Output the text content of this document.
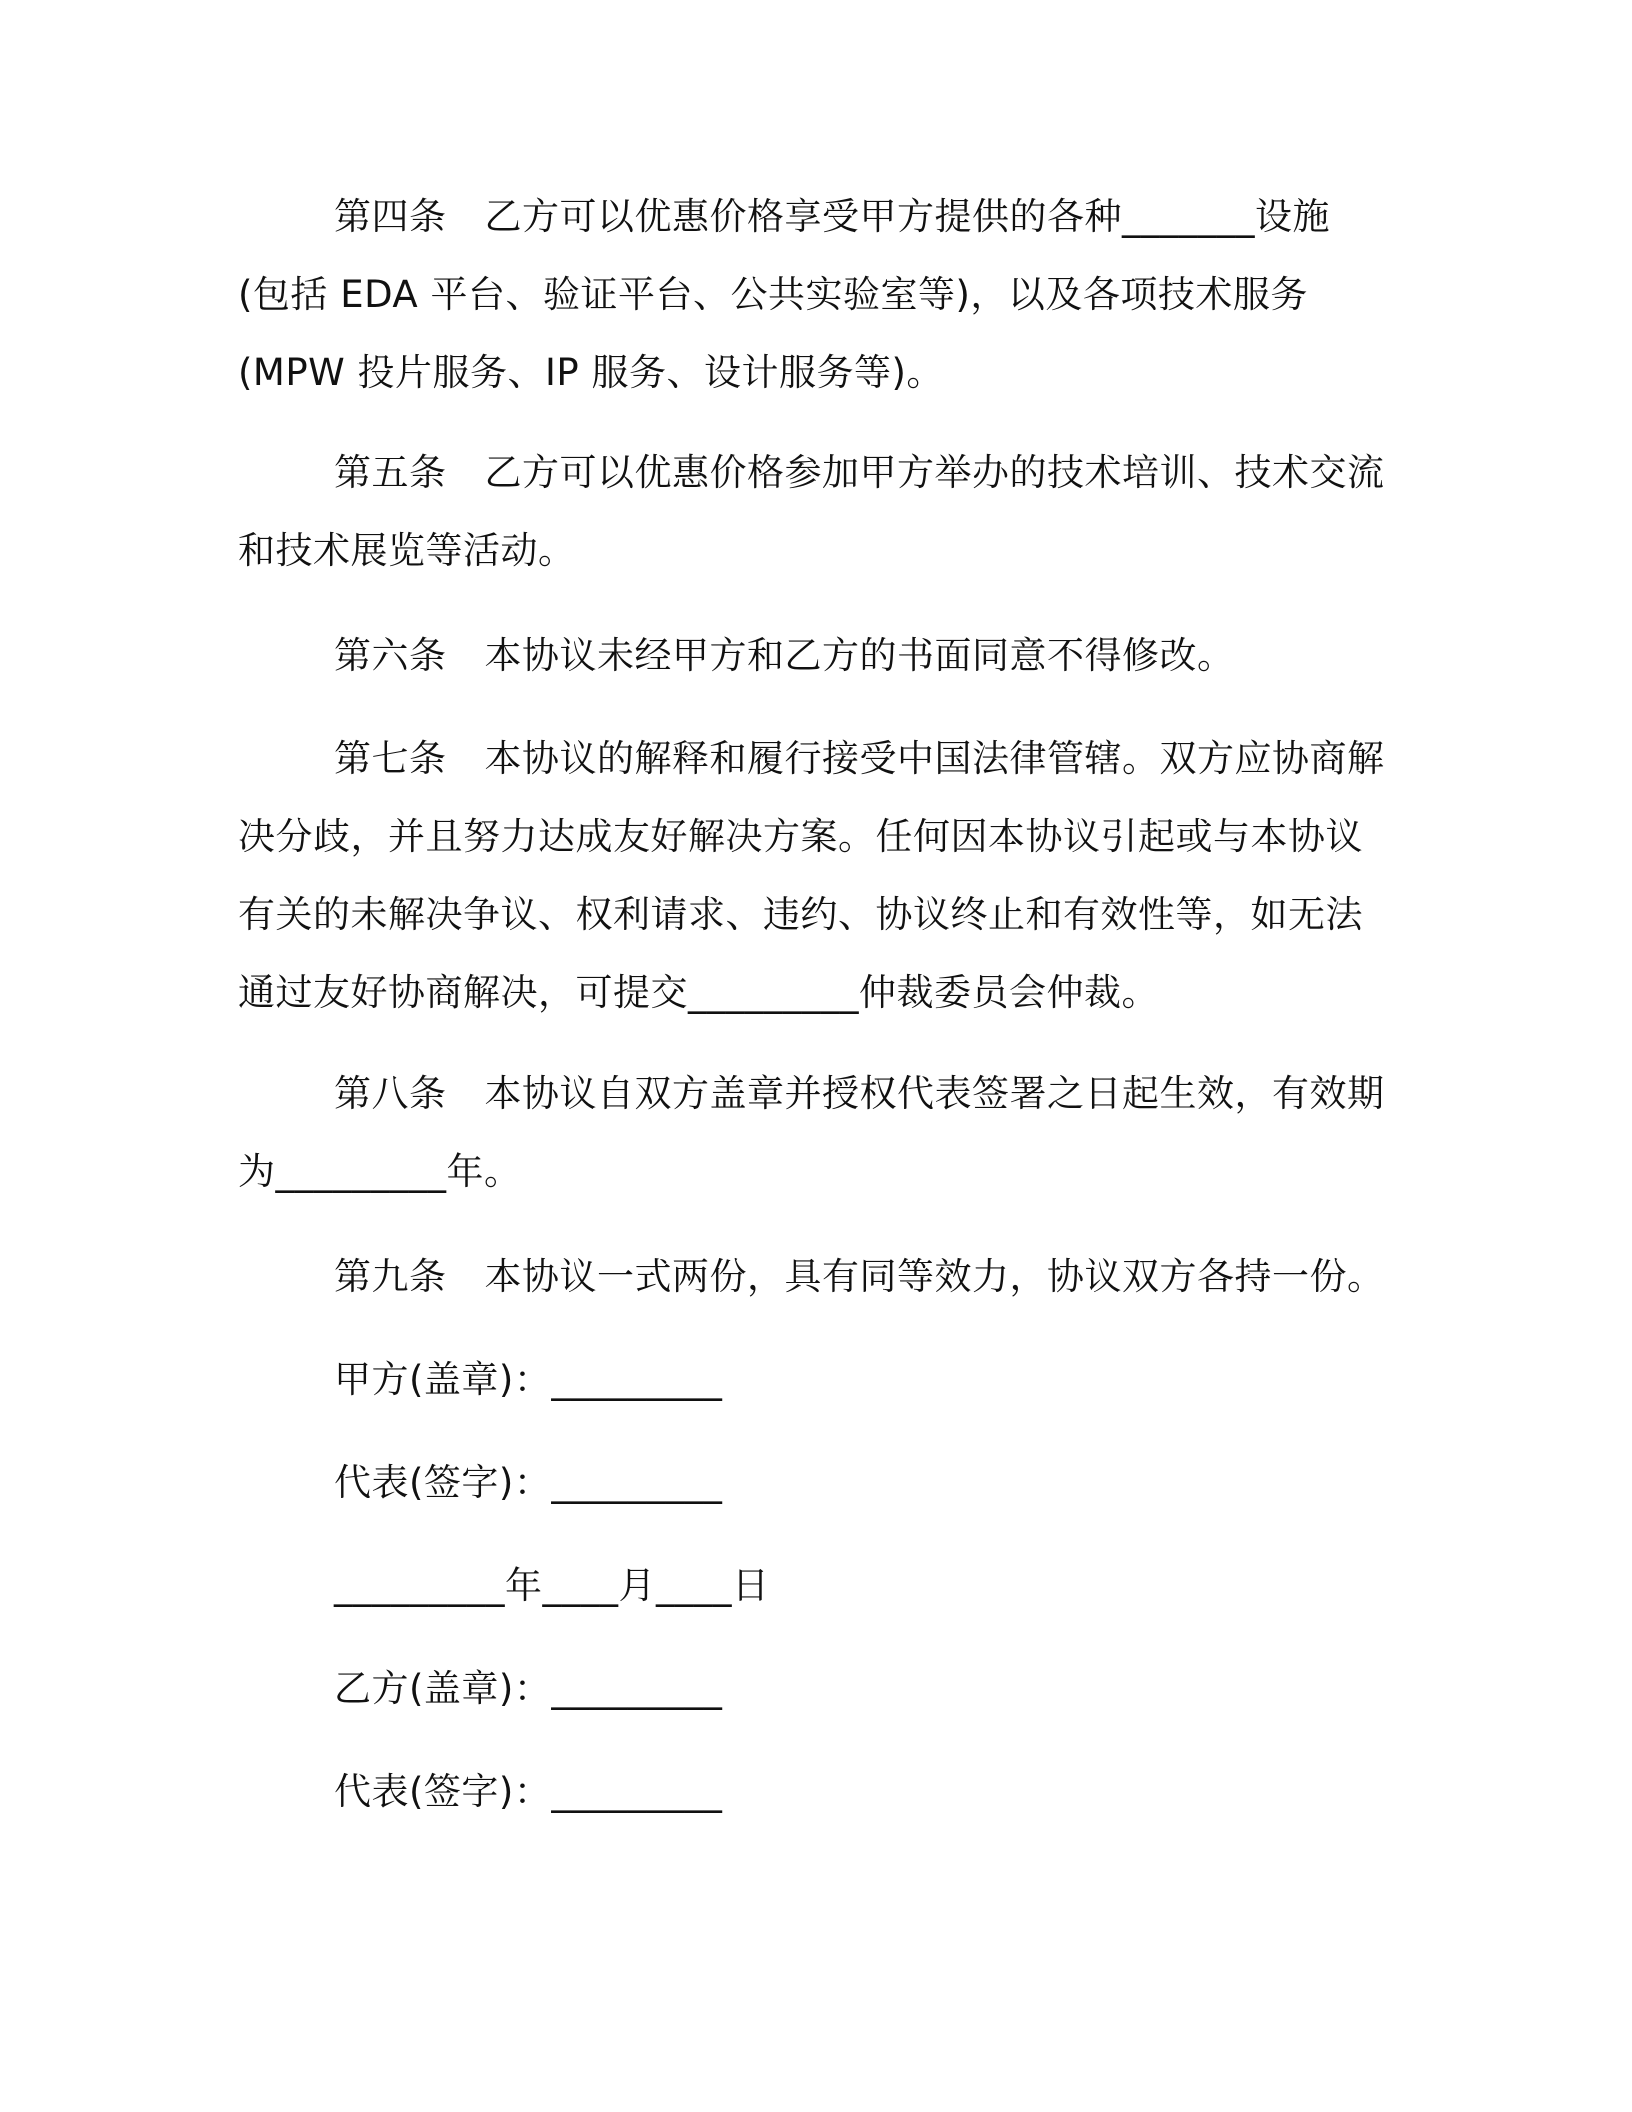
第四条 乙方可以优惠价格享受甲方提供的各种_______设施
(包括 EDA 平台、验证平台、公共实验室等)，以及各项技术服务
(MPW 投片服务、IP 服务、设计服务等)。
第五条 乙方可以优惠价格参加甲方举办的技术培训、技术交流
和技术展览等活动。
第六条 本协议未经甲方和乙方的书面同意不得修改。
第七条 本协议的解释和履行接受中国法律管辖。双方应协商解
决分歧，并且努力达成友好解决方案。任何因本协议引起或与本协议
有关的未解决争议、权利请求、违约、协议终止和有效性等，如无法
通过友好协商解决，可提交_________仲裁委员会仲裁。
第八条 本协议自双方盖章并授权代表签署之日起生效，有效期
为_________年。
第九条 本协议一式两份，具有同等效力，协议双方各持一份。
甲方(盖章)：_________
代表(签字)：_________
_________年____月____日
乙方(盖章)：_________
代表(签字)：_________
